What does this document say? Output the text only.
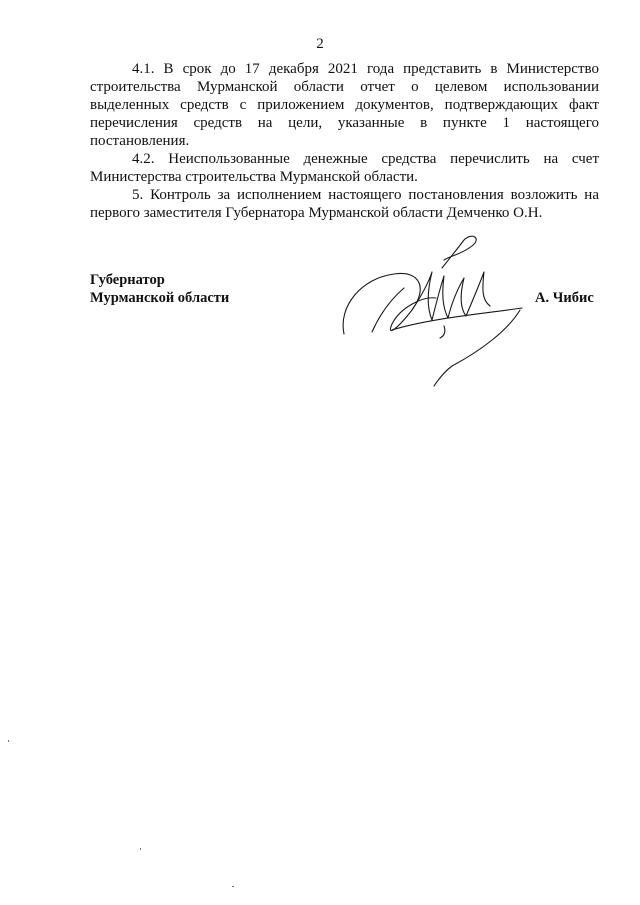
2

4.1. В срок до 17 декабря 2021 года представить в Министерство строительства Мурманской области отчет о целевом использовании выделенных средств с приложением документов, подтверждающих факт перечисления средств на цели, указанные в пункте 1 настоящего постановления.

4.2. Неиспользованные денежные средства перечислить на счет Министерства строительства Мурманской области.

5. Контроль за исполнением настоящего постановления возложить на первого заместителя Губернатора Мурманской области Демченко О.Н.

Губернатор
Мурманской области	А. Чибис
